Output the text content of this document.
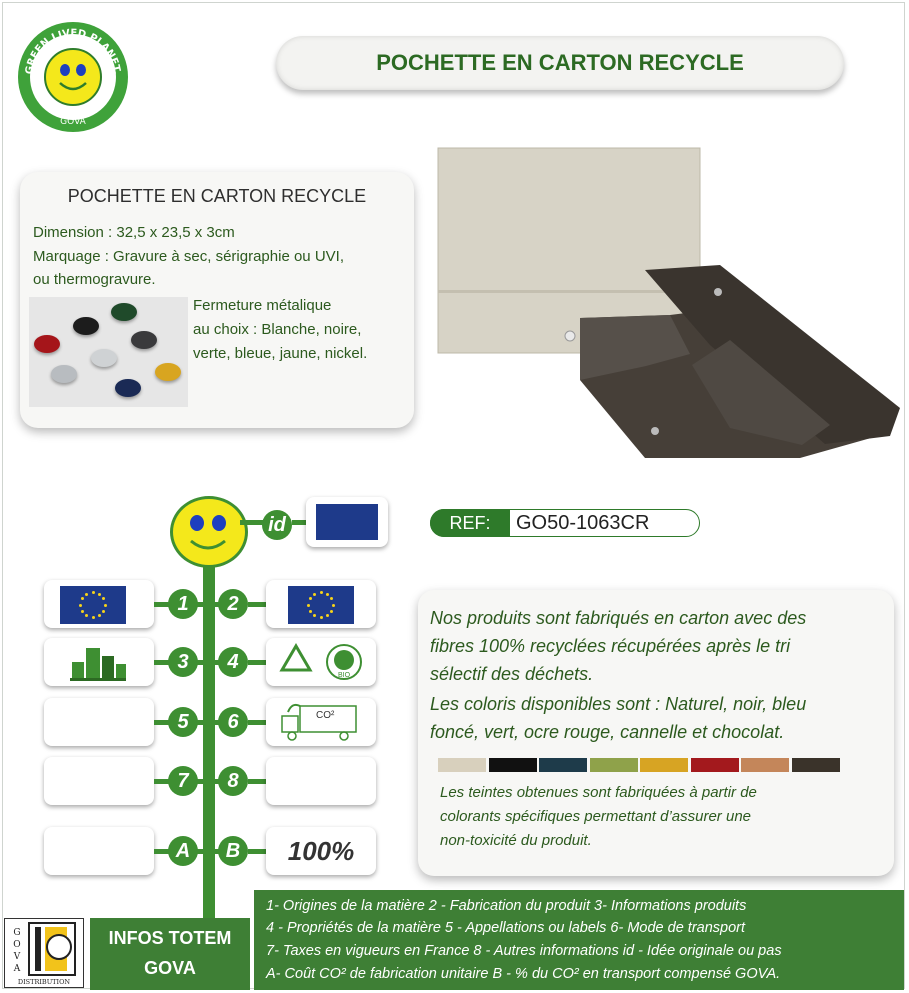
GREEN LIVED PLANET.
GOVA
POCHETTE EN CARTON RECYCLE
POCHETTE EN CARTON RECYCLE
Dimension : 32,5 x 23,5 x 3cm
Marquage : Gravure à sec, sérigraphie ou UVI,
ou thermogravure.
Fermeture métalique
au choix : Blanche, noire,
verte, bleue, jaune, nickel.
REF:	GO50-1063CR
id
1	2
3	4
BIO
5	6	CO²
7	8
A	B	100%
Nos produits sont fabriqués en carton avec des
fibres 100% recyclées récupérées après le tri
sélectif des déchets.
Les coloris disponibles sont : Naturel, noir, bleu
foncé, vert, ocre rouge, cannelle et chocolat.
Les teintes obtenues sont fabriquées à partir de
colorants spécifiques permettant d’assurer une
non-toxicité du produit.
1- Origines de la matière 2 - Fabrication du produit 3- Informations produits
4 - Propriétés de la matière 5 - Appellations ou labels 6- Mode de transport
7- Taxes en vigueurs en France 8 - Autres informations id - Idée originale ou pas
A- Coût CO² de fabrication unitaire B - % du CO² en transport compensé GOVA.
INFOS TOTEM
GOVA
G
O
V
A
DISTRIBUTION
